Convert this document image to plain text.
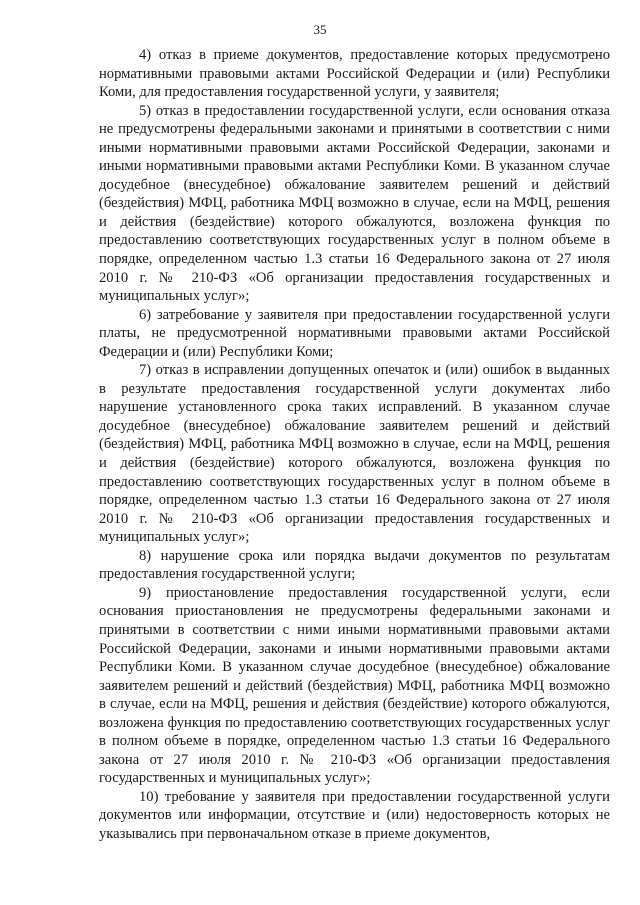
35

4) отказ в приеме документов, предоставление которых предусмотрено нормативными правовыми актами Российской Федерации и (или) Республики Коми, для предоставления государственной услуги, у заявителя;

5) отказ в предоставлении государственной услуги, если основания отказа не предусмотрены федеральными законами и принятыми в соответствии с ними иными нормативными правовыми актами Российской Федерации, законами и иными нормативными правовыми актами Республики Коми. В указанном случае досудебное (внесудебное) обжалование заявителем решений и действий (бездействия) МФЦ, работника МФЦ возможно в случае, если на МФЦ, решения и действия (бездействие) которого обжалуются, возложена функция по предоставлению соответствующих государственных услуг в полном объеме в порядке, определенном частью 1.3 статьи 16 Федерального закона от 27 июля 2010 г. № 210-ФЗ «Об организации предоставления государственных и муниципальных услуг»;

6) затребование у заявителя при предоставлении государственной услуги платы, не предусмотренной нормативными правовыми актами Российской Федерации и (или) Республики Коми;

7) отказ в исправлении допущенных опечаток и (или) ошибок в выданных в результате предоставления государственной услуги документах либо нарушение установленного срока таких исправлений. В указанном случае досудебное (внесудебное) обжалование заявителем решений и действий (бездействия) МФЦ, работника МФЦ возможно в случае, если на МФЦ, решения и действия (бездействие) которого обжалуются, возложена функция по предоставлению соответствующих государственных услуг в полном объеме в порядке, определенном частью 1.3 статьи 16 Федерального закона от 27 июля 2010 г. № 210-ФЗ «Об организации предоставления государственных и муниципальных услуг»;

8) нарушение срока или порядка выдачи документов по результатам предоставления государственной услуги;

9) приостановление предоставления государственной услуги, если основания приостановления не предусмотрены федеральными законами и принятыми в соответствии с ними иными нормативными правовыми актами Российской Федерации, законами и иными нормативными правовыми актами Республики Коми. В указанном случае досудебное (внесудебное) обжалование заявителем решений и действий (бездействия) МФЦ, работника МФЦ возможно в случае, если на МФЦ, решения и действия (бездействие) которого обжалуются, возложена функция по предоставлению соответствующих государственных услуг в полном объеме в порядке, определенном частью 1.3 статьи 16 Федерального закона от 27 июля 2010 г. № 210-ФЗ «Об организации предоставления государственных и муниципальных услуг»;

10) требование у заявителя при предоставлении государственной услуги документов или информации, отсутствие и (или) недостоверность которых не указывались при первоначальном отказе в приеме документов,
